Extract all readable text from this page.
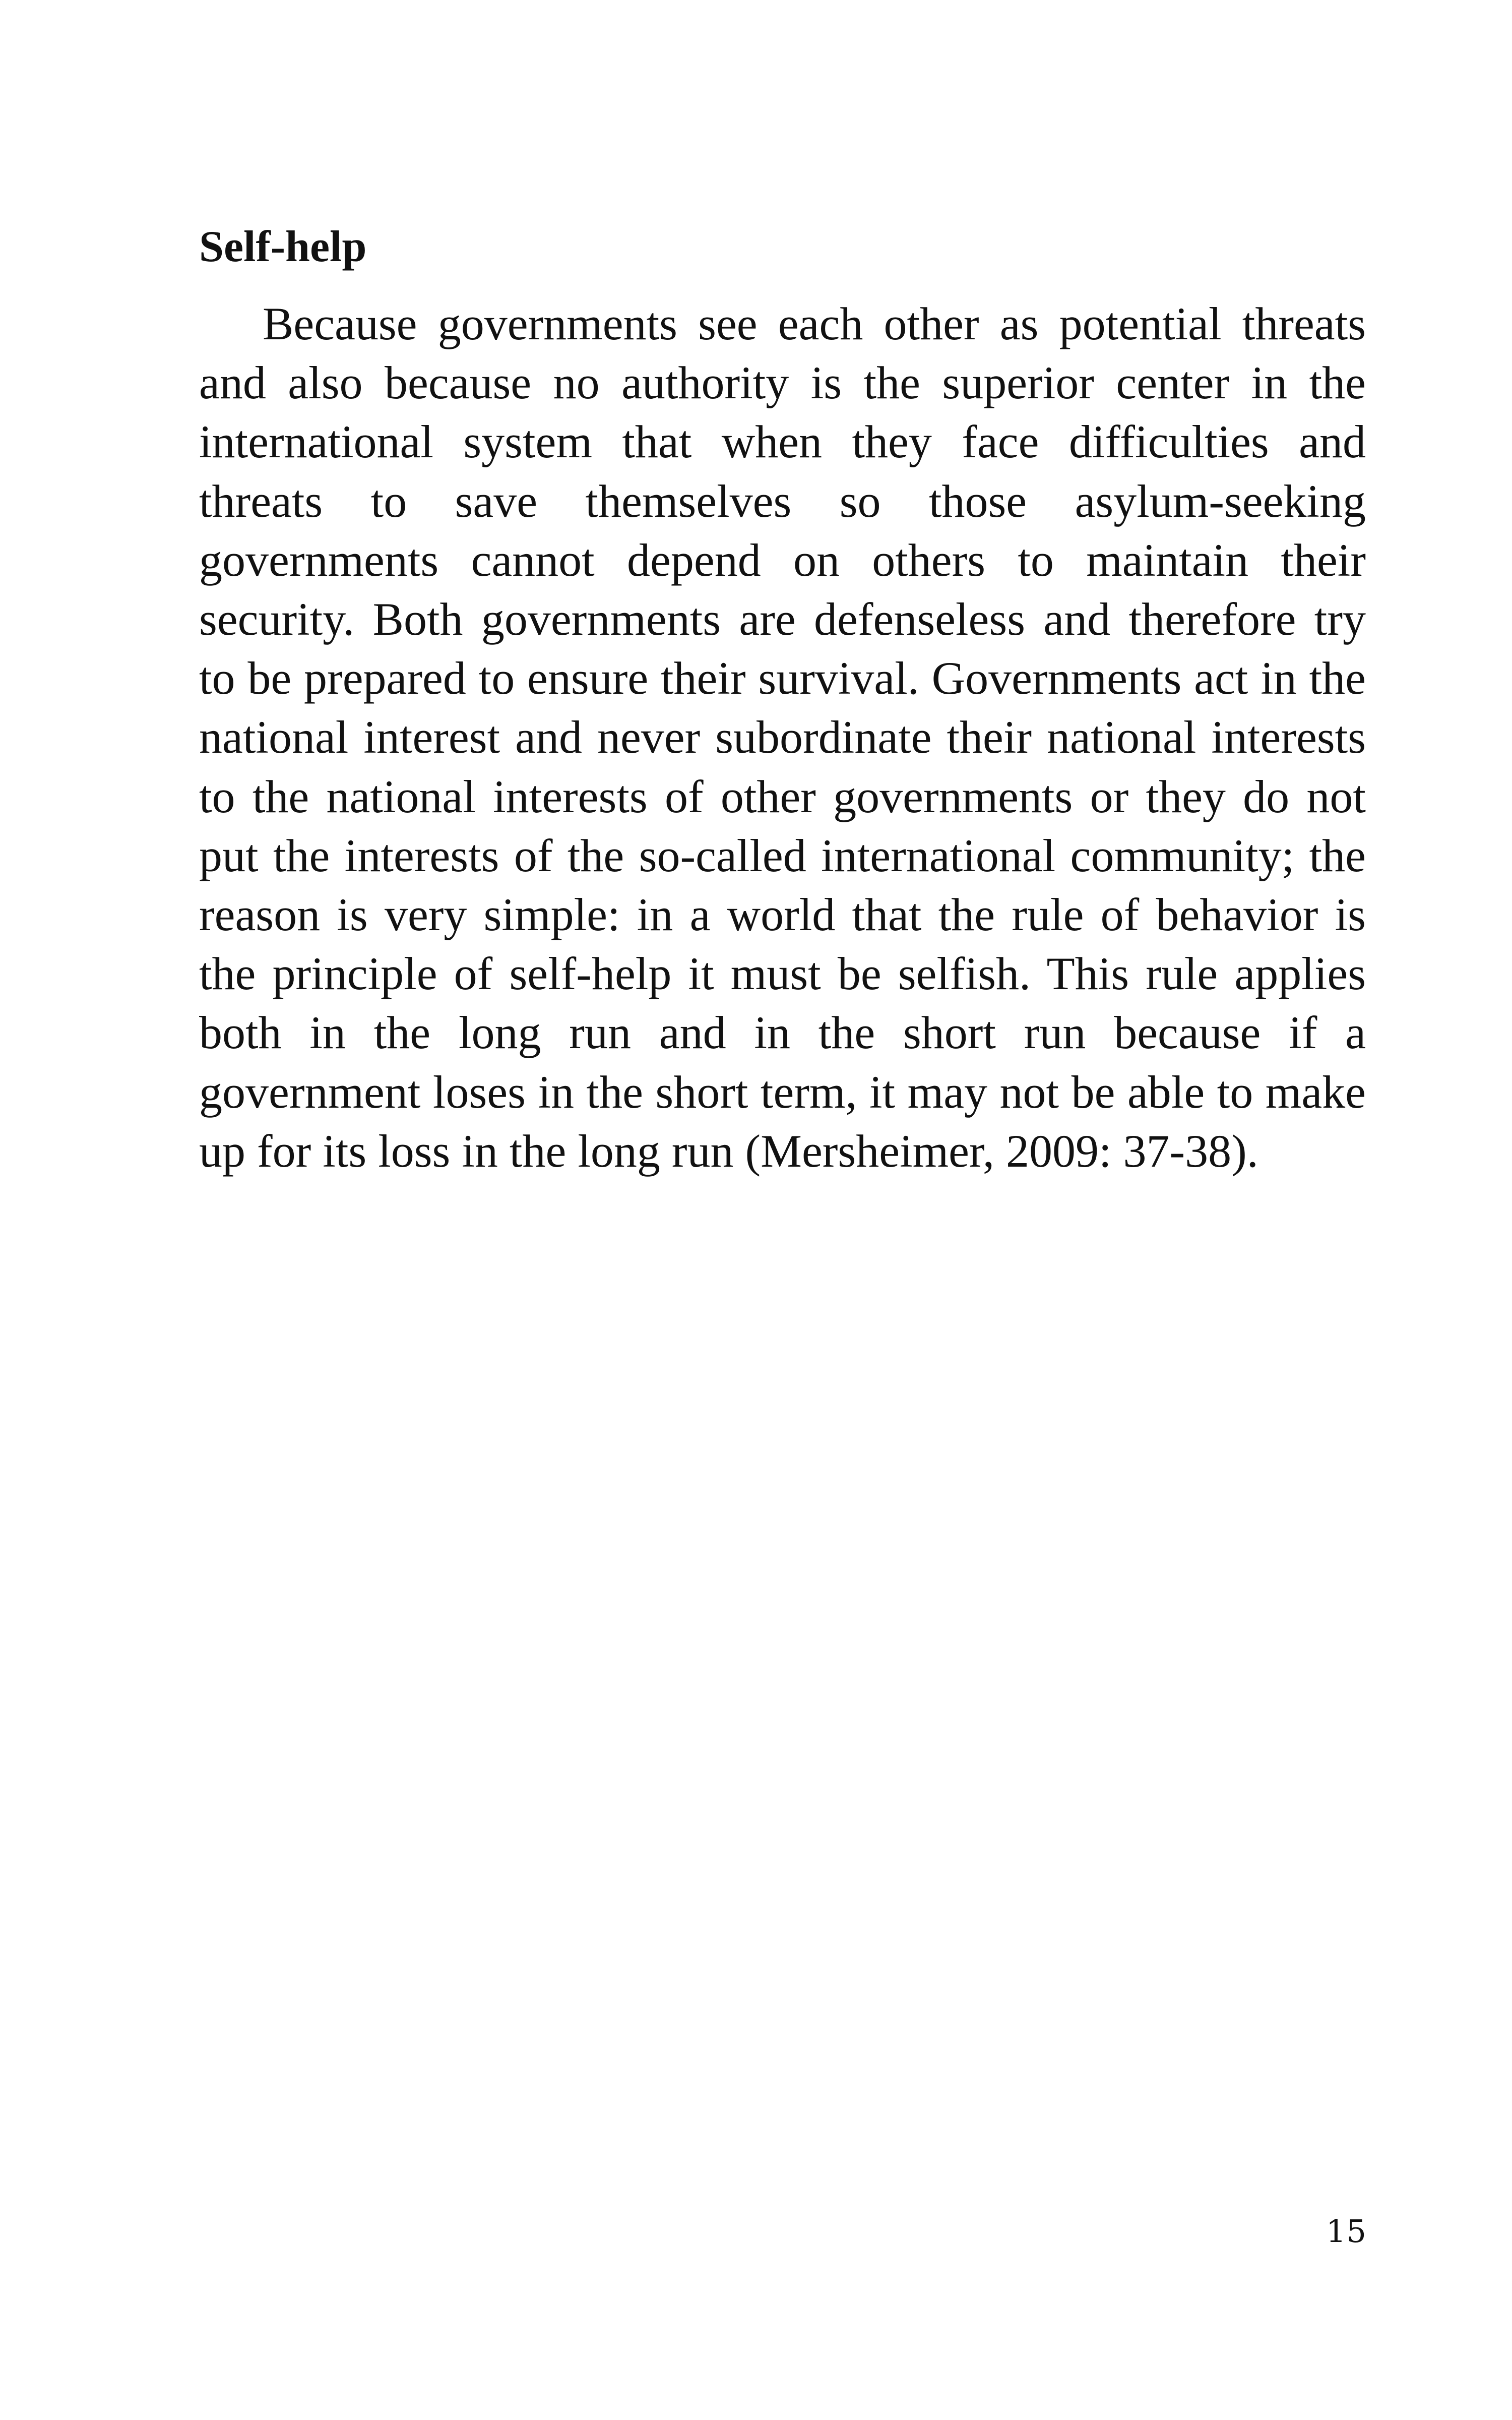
Self-help

Because governments see each other as potential threats and also because no authority is the superior center in the international system that when they face difficulties and threats to save themselves so those asylum-seeking governments cannot depend on others to maintain their security. Both governments are defenseless and therefore try to be prepared to ensure their survival. Governments act in the national interest and never subordinate their national interests to the national interests of other governments or they do not put the interests of the so-called international community; the reason is very simple: in a world that the rule of behavior is the principle of self-help it must be selfish. This rule applies both in the long run and in the short run because if a government loses in the short term, it may not be able to make up for its loss in the long run (Mersheimer, 2009: 37-38).

15
